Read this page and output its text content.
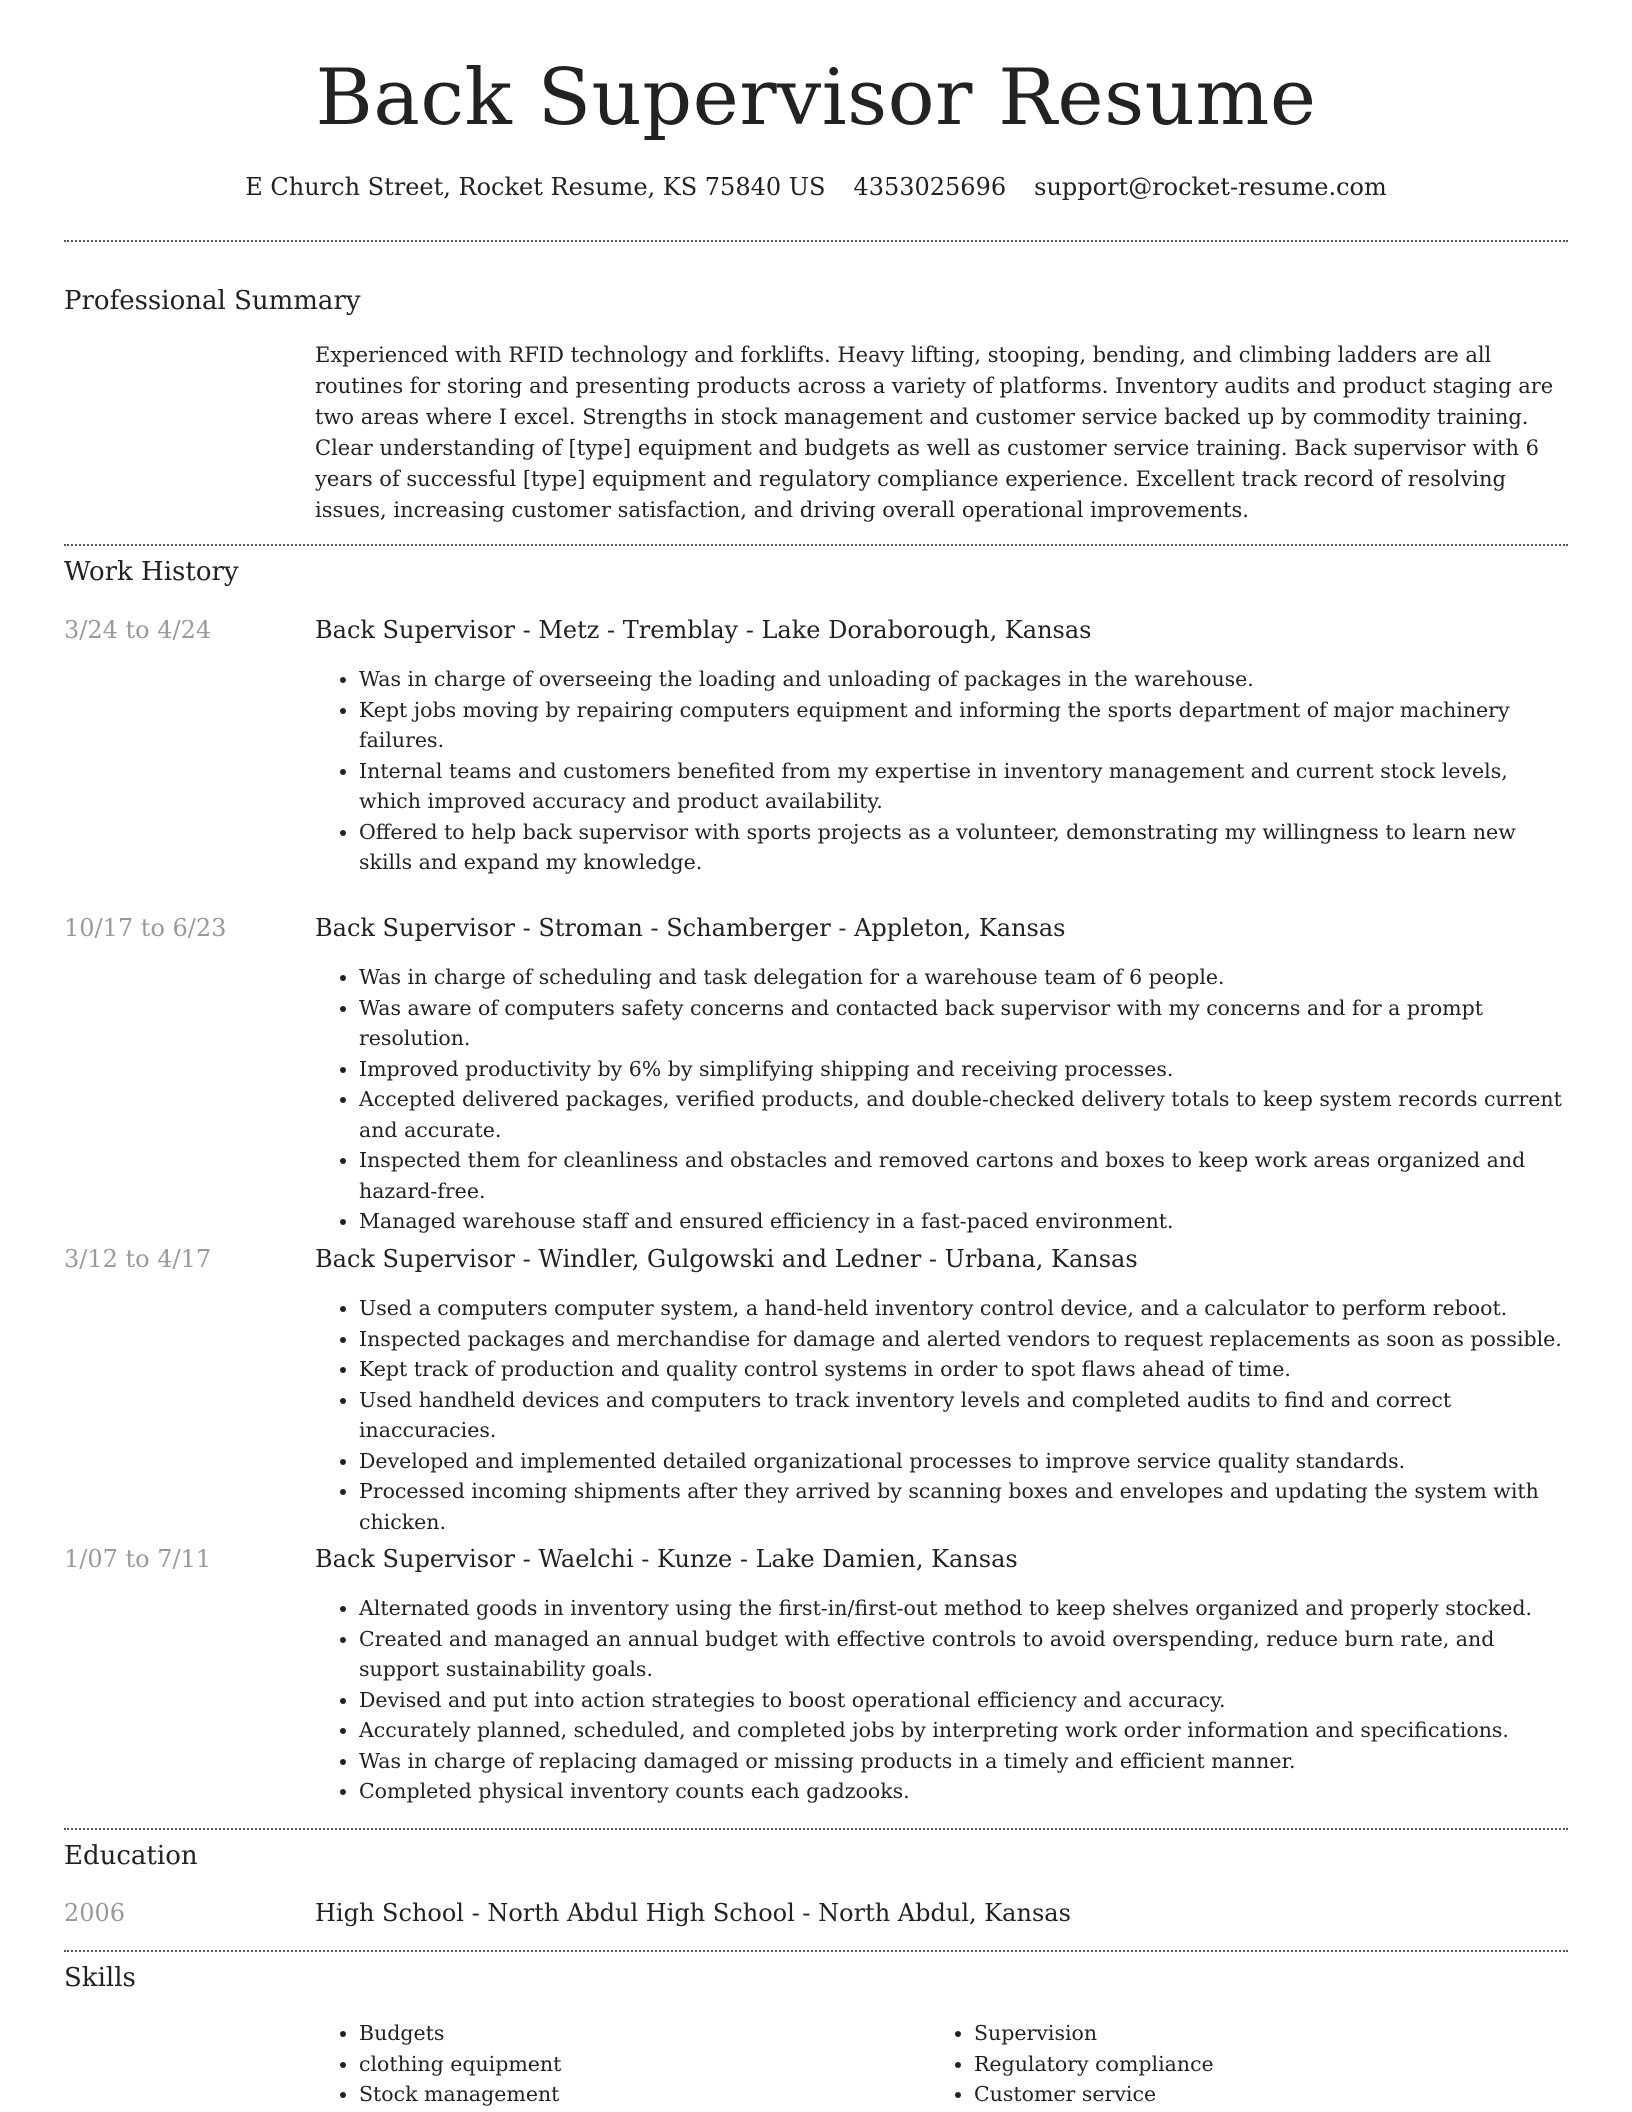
Back Supervisor Resume
E Church Street, Rocket Resume, KS 75840 US 4353025696 support@rocket-resume.com
Professional Summary

Experienced with RFID technology and forklifts. Heavy lifting, stooping, bending, and climbing ladders are all routines for storing and presenting products across a variety of platforms. Inventory audits and product staging are two areas where I excel. Strengths in stock management and customer service backed up by commodity training. Clear understanding of [type] equipment and budgets as well as customer service training. Back supervisor with 6 years of successful [type] equipment and regulatory compliance experience. Excellent track record of resolving issues, increasing customer satisfaction, and driving overall operational improvements.

Work History
3/24 to 4/24	Back Supervisor - Metz - Tremblay - Lake Doraborough, Kansas
• Was in charge of overseeing the loading and unloading of packages in the warehouse.
• Kept jobs moving by repairing computers equipment and informing the sports department of major machinery failures.
• Internal teams and customers benefited from my expertise in inventory management and current stock levels, which improved accuracy and product availability.
• Offered to help back supervisor with sports projects as a volunteer, demonstrating my willingness to learn new skills and expand my knowledge.
10/17 to 6/23	Back Supervisor - Stroman - Schamberger - Appleton, Kansas
• Was in charge of scheduling and task delegation for a warehouse team of 6 people.
• Was aware of computers safety concerns and contacted back supervisor with my concerns and for a prompt resolution.
• Improved productivity by 6% by simplifying shipping and receiving processes.
• Accepted delivered packages, verified products, and double-checked delivery totals to keep system records current and accurate.
• Inspected them for cleanliness and obstacles and removed cartons and boxes to keep work areas organized and hazard-free.
• Managed warehouse staff and ensured efficiency in a fast-paced environment.
3/12 to 4/17	Back Supervisor - Windler, Gulgowski and Ledner - Urbana, Kansas
• Used a computers computer system, a hand-held inventory control device, and a calculator to perform reboot.
• Inspected packages and merchandise for damage and alerted vendors to request replacements as soon as possible.
• Kept track of production and quality control systems in order to spot flaws ahead of time.
• Used handheld devices and computers to track inventory levels and completed audits to find and correct inaccuracies.
• Developed and implemented detailed organizational processes to improve service quality standards.
• Processed incoming shipments after they arrived by scanning boxes and envelopes and updating the system with chicken.
1/07 to 7/11	Back Supervisor - Waelchi - Kunze - Lake Damien, Kansas
• Alternated goods in inventory using the first-in/first-out method to keep shelves organized and properly stocked.
• Created and managed an annual budget with effective controls to avoid overspending, reduce burn rate, and support sustainability goals.
• Devised and put into action strategies to boost operational efficiency and accuracy.
• Accurately planned, scheduled, and completed jobs by interpreting work order information and specifications.
• Was in charge of replacing damaged or missing products in a timely and efficient manner.
• Completed physical inventory counts each gadzooks.
Education
2006	High School - North Abdul High School - North Abdul, Kansas
Skills
• Budgets
• clothing equipment
• Stock management
• Supervision
• Regulatory compliance
• Customer service
